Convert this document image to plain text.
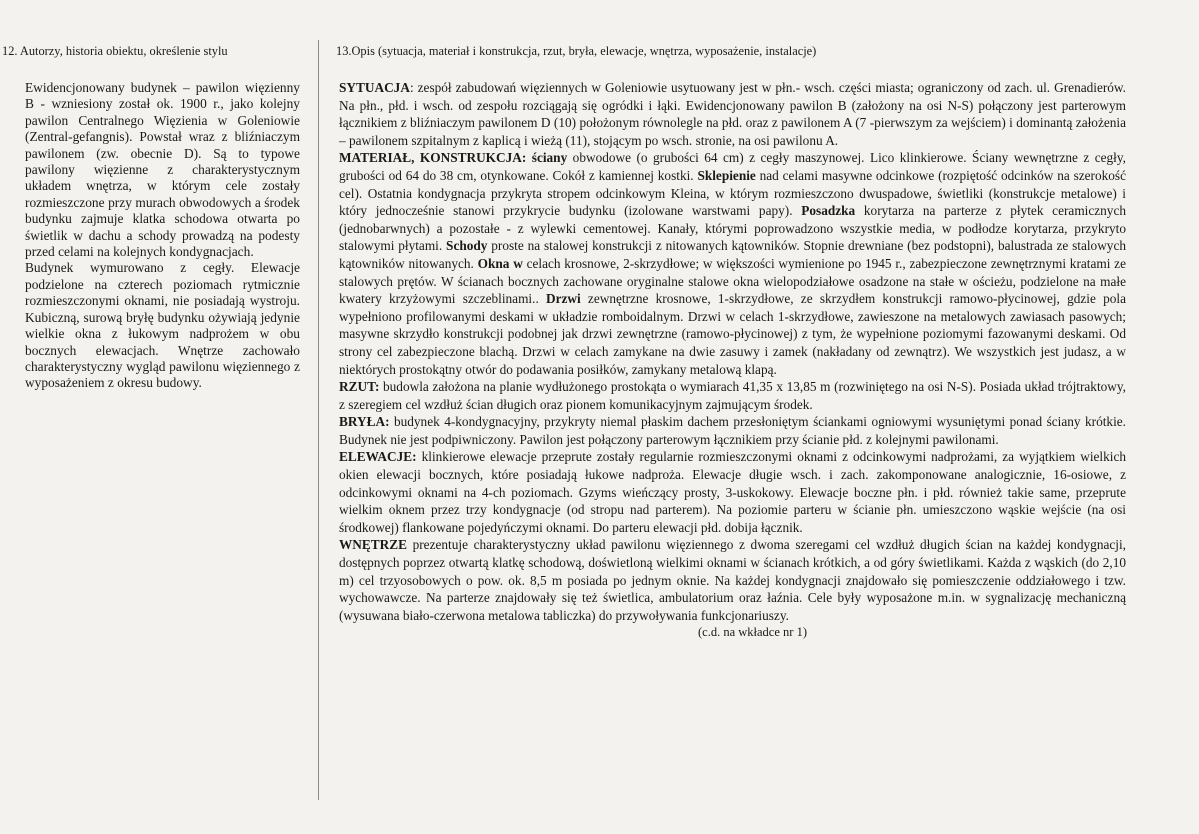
12. Autorzy, historia obiektu, określenie stylu

Ewidencjonowany budynek – pawilon więzienny B - wzniesiony został ok. 1900 r., jako kolejny pawilon Centralnego Więzienia w Goleniowie (Zentral-gefangnis). Powstał wraz z bliźniaczym pawilonem (zw. obecnie D). Są to typowe pawilony więzienne z charakterystycznym układem wnętrza, w którym cele zostały rozmieszczone przy murach obwodowych a środek budynku zajmuje klatka schodowa otwarta po świetlik w dachu a schody prowadzą na podesty przed celami na kolejnych kondygnacjach.

Budynek wymurowano z cegły. Elewacje podzielone na czterech poziomach rytmicznie rozmieszczonymi oknami, nie posiadają wystroju. Kubiczną, surową bryłę budynku ożywiają jedynie wielkie okna z łukowym nadprożem w obu bocznych elewacjach. Wnętrze zachowało charakterystyczny wygląd pawilonu więziennego z wyposażeniem z okresu budowy.

13.Opis (sytuacja, materiał i konstrukcja, rzut, bryła, elewacje, wnętrza, wyposażenie, instalacje)

SYTUACJA: zespół zabudowań więziennych w Goleniowie usytuowany jest w płn.- wsch. części miasta; ograniczony od zach. ul. Grenadierów. Na płn., płd. i wsch. od zespołu rozciągają się ogródki i łąki. Ewidencjonowany pawilon B (założony na osi N-S) połączony jest parterowym łącznikiem z bliźniaczym pawilonem D (10) położonym równolegle na płd. oraz z pawilonem A (7 -pierwszym za wejściem) i dominantą założenia – pawilonem szpitalnym z kaplicą i wieżą (11), stojącym po wsch. stronie, na osi pawilonu A.

MATERIAŁ, KONSTRUKCJA: ściany obwodowe (o grubości 64 cm) z cegły maszynowej. Lico klinkierowe. Ściany wewnętrzne z cegły, grubości od 64 do 38 cm, otynkowane. Cokół z kamiennej kostki. Sklepienie nad celami masywne odcinkowe (rozpiętość odcinków na szerokość cel). Ostatnia kondygnacja przykryta stropem odcinkowym Kleina, w którym rozmieszczono dwuspadowe, świetliki (konstrukcje metalowe) i który jednocześnie stanowi przykrycie budynku (izolowane warstwami papy). Posadzka korytarza na parterze z płytek ceramicznych (jednobarwnych) a pozostałe - z wylewki cementowej. Kanały, którymi poprowadzono wszystkie media, w podłodze korytarza, przykryto stalowymi płytami. Schody proste na stalowej konstrukcji z nitowanych kątowników. Stopnie drewniane (bez podstopni), balustrada ze stalowych kątowników nitowanych. Okna w celach krosnowe, 2-skrzydłowe; w większości wymienione po 1945 r., zabezpieczone zewnętrznymi kratami ze stalowych prętów. W ścianach bocznych zachowane oryginalne stalowe okna wielopodziałowe osadzone na stałe w ościeżu, podzielone na małe kwatery krzyżowymi szczeblinami.. Drzwi zewnętrzne krosnowe, 1-skrzydłowe, ze skrzydłem konstrukcji ramowo-płycinowej, gdzie pola wypełniono profilowanymi deskami w układzie romboidalnym. Drzwi w celach 1-skrzydłowe, zawieszone na metalowych zawiasach pasowych; masywne skrzydło konstrukcji podobnej jak drzwi zewnętrzne (ramowo-płycinowej) z tym, że wypełnione poziomymi fazowanymi deskami. Od strony cel zabezpieczone blachą. Drzwi w celach zamykane na dwie zasuwy i zamek (nakładany od zewnątrz). We wszystkich jest judasz, a w niektórych prostokątny otwór do podawania posiłków, zamykany metalową klapą.

RZUT: budowla założona na planie wydłużonego prostokąta o wymiarach 41,35 x 13,85 m (rozwiniętego na osi N-S). Posiada układ trójtraktowy, z szeregiem cel wzdłuż ścian długich oraz pionem komunikacyjnym zajmującym środek.

BRYŁA: budynek 4-kondygnacyjny, przykryty niemal płaskim dachem przesłoniętym ściankami ogniowymi wysuniętymi ponad ściany krótkie. Budynek nie jest podpiwniczony. Pawilon jest połączony parterowym łącznikiem przy ścianie płd. z kolejnymi pawilonami.

ELEWACJE: klinkierowe elewacje przeprute zostały regularnie rozmieszczonymi oknami z odcinkowymi nadprożami, za wyjątkiem wielkich okien elewacji bocznych, które posiadają łukowe nadproża. Elewacje długie wsch. i zach. zakomponowane analogicznie, 16-osiowe, z odcinkowymi oknami na 4-ch poziomach. Gzyms wieńczący prosty, 3-uskokowy. Elewacje boczne płn. i płd. również takie same, przeprute wielkim oknem przez trzy kondygnacje (od stropu nad parterem). Na poziomie parteru w ścianie płn. umieszczono wąskie wejście (na osi środkowej) flankowane pojedyńczymi oknami. Do parteru elewacji płd. dobija łącznik.

WNĘTRZE prezentuje charakterystyczny układ pawilonu więziennego z dwoma szeregami cel wzdłuż długich ścian na każdej kondygnacji, dostępnych poprzez otwartą klatkę schodową, doświetloną wielkimi oknami w ścianach krótkich, a od góry świetlikami. Każda z wąskich (do 2,10 m) cel trzyosobowych o pow. ok. 8,5 m posiada po jednym oknie. Na każdej kondygnacji znajdowało się pomieszczenie oddziałowego i tzw. wychowawcze. Na parterze znajdowały się też świetlica, ambulatorium oraz łaźnia. Cele były wyposażone m.in. w sygnalizację mechaniczną (wysuwana biało-czerwona metalowa tabliczka) do przywoływania funkcjonariuszy.

(c.d. na wkładce nr 1)
